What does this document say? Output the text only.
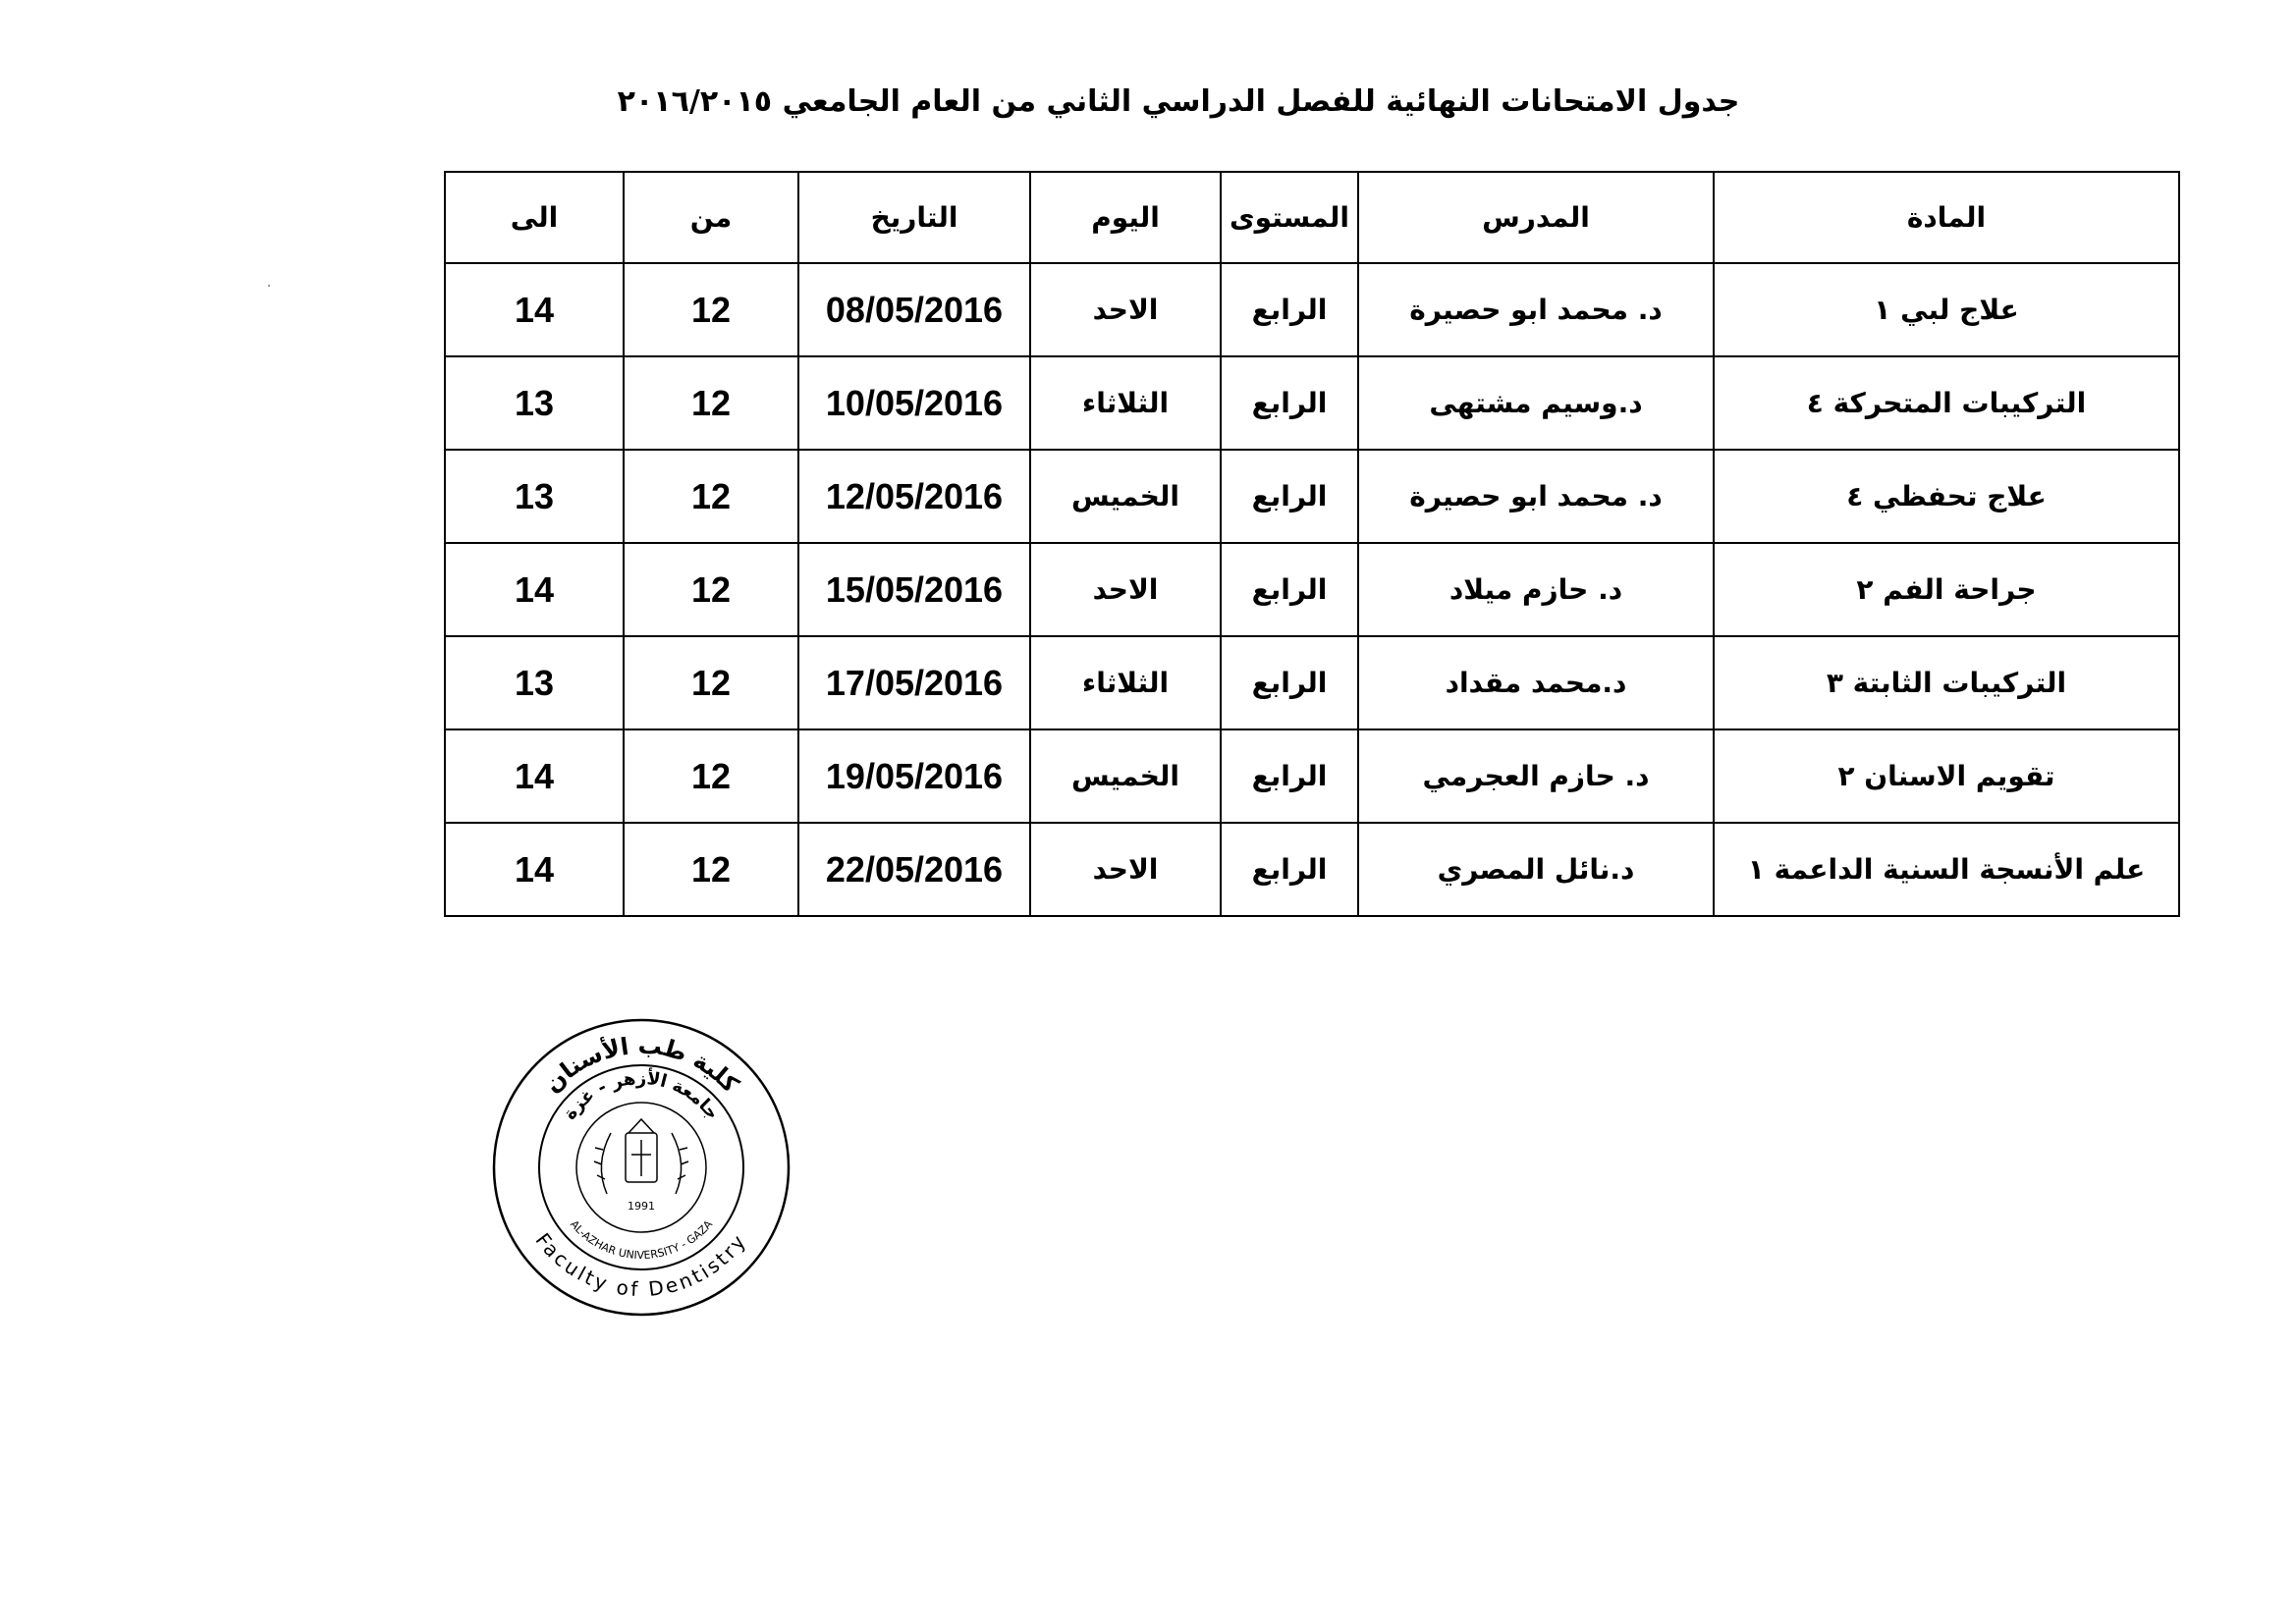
جدول الامتحانات النهائية للفصل الدراسي الثاني من العام الجامعي ٢٠١٦/٢٠١٥
المادة	المدرس	المستوى	اليوم	التاريخ	من	الى
علاج لبي ١	د. محمد ابو حصيرة	الرابع	الاحد	08/05/2016	12	14
التركيبات المتحركة ٤	د.وسيم مشتهى	الرابع	الثلاثاء	10/05/2016	12	13
علاج تحفظي ٤	د. محمد ابو حصيرة	الرابع	الخميس	12/05/2016	12	13
جراحة الفم ٢	د. حازم ميلاد	الرابع	الاحد	15/05/2016	12	14
التركيبات الثابتة ٣	د.محمد مقداد	الرابع	الثلاثاء	17/05/2016	12	13
تقويم الاسنان ٢	د. حازم العجرمي	الرابع	الخميس	19/05/2016	12	14
علم الأنسجة السنية الداعمة ١	د.نائل المصري	الرابع	الاحد	22/05/2016	12	14
كلية طب الأسنان
جامعة الأزهر - غزة
Faculty of Dentistry
AL-AZHAR UNIVERSITY - GAZA
1991
